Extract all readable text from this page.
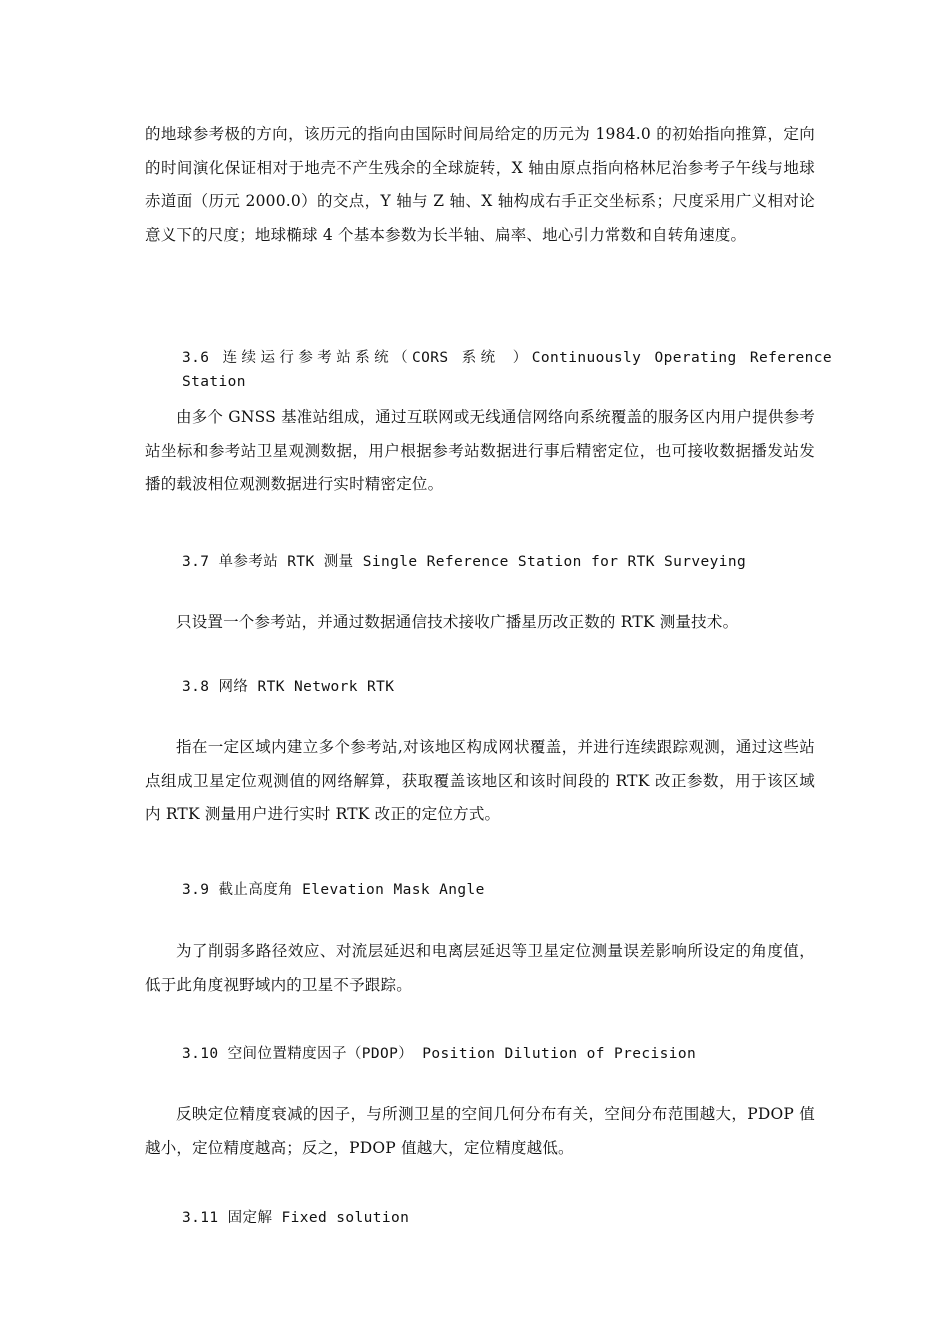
的地球参考极的方向，该历元的指向由国际时间局给定的历元为 1984.0 的初始指向推算，定向的时间演化保证相对于地壳不产生残余的全球旋转，X 轴由原点指向格林尼治参考子午线与地球赤道面（历元 2000.0）的交点，Y 轴与 Z 轴、X 轴构成右手正交坐标系；尺度采用广义相对论意义下的尺度；地球椭球 4 个基本参数为长半轴、扁率、地心引力常数和自转角速度。

3.6 连续运行参考站系统（CORS 系统 ）Continuously Operating Reference Station

由多个 GNSS 基准站组成，通过互联网或无线通信网络向系统覆盖的服务区内用户提供参考站坐标和参考站卫星观测数据，用户根据参考站数据进行事后精密定位，也可接收数据播发站发播的载波相位观测数据进行实时精密定位。

3.7 单参考站 RTK 测量 Single Reference Station for RTK Surveying

只设置一个参考站，并通过数据通信技术接收广播星历改正数的 RTK 测量技术。

3.8 网络 RTK Network RTK

指在一定区域内建立多个参考站,对该地区构成网状覆盖，并进行连续跟踪观测，通过这些站点组成卫星定位观测值的网络解算，获取覆盖该地区和该时间段的 RTK 改正参数，用于该区域内 RTK 测量用户进行实时 RTK 改正的定位方式。

3.9 截止高度角 Elevation Mask Angle

为了削弱多路径效应、对流层延迟和电离层延迟等卫星定位测量误差影响所设定的角度值，低于此角度视野域内的卫星不予跟踪。

3.10 空间位置精度因子（PDOP） Position Dilution of Precision

反映定位精度衰减的因子，与所测卫星的空间几何分布有关，空间分布范围越大，PDOP 值越小，定位精度越高；反之，PDOP 值越大，定位精度越低。

3.11 固定解 Fixed solution
